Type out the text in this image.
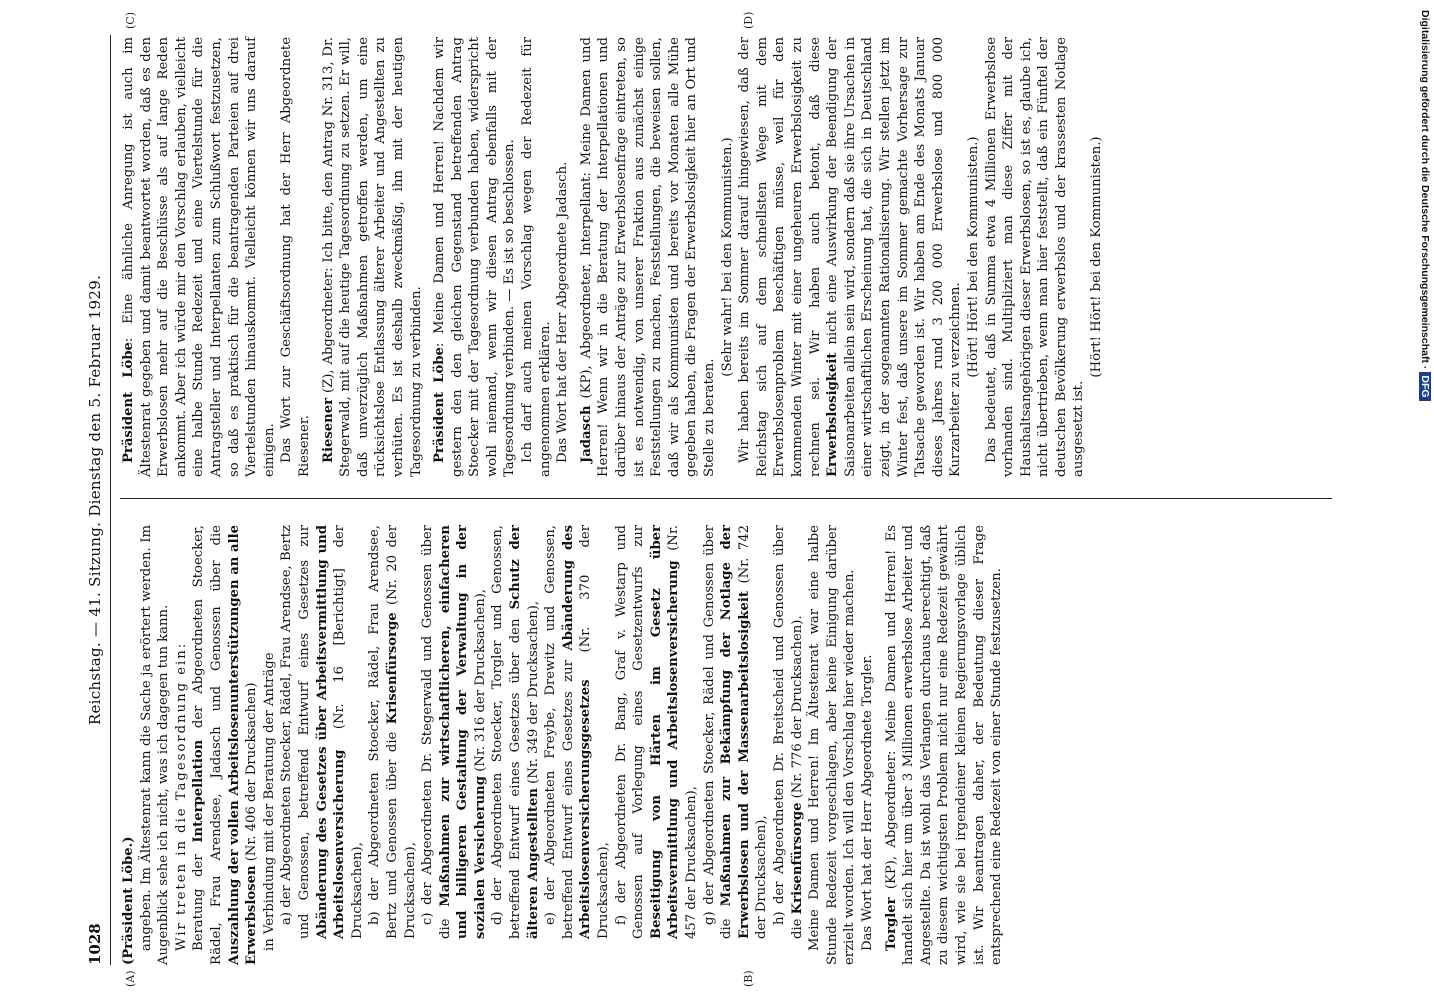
1028
Reichstag. — 41. Sitzung. Dienstag den 5. Februar 1929.
(A)	(B)

(Präsident Löbe.) angeben. Im Ältestenrat kann die Sache ja erörtert werden. Im Augenblick sehe ich nicht, was ich dagegen tun kann. Wir treten in die Tagesordnung ein: Beratung der Interpellation der Abgeordneten Stoecker, Rädel, Frau Arendsee, Jadasch und Genossen über die Auszahlung der vollen Arbeitslosenunterstützungen an alle Erwerbslosen (Nr. 406 der Drucksachen) in Verbindung mit der Beratung der Anträge a) der Abgeordneten Stoecker, Rädel, Frau Arendsee, Bertz und Genossen, betreffend Entwurf eines Gesetzes zur Abänderung des Gesetzes über Arbeitsvermittlung und Arbeitslosenversicherung (Nr. 16 [Berichtigt] der Drucksachen), b) der Abgeordneten Stoecker, Rädel, Frau Arendsee, Bertz und Genossen über die Krisenfürsorge (Nr. 20 der Drucksachen), c) der Abgeordneten Dr. Stegerwald und Genossen über die Maßnahmen zur wirtschaftlicheren, einfacheren und billigeren Gestaltung der Verwaltung in der sozialen Versicherung (Nr. 316 der Drucksachen),

d) der Abgeordneten Stoecker, Torgler und Genossen, betreffend Entwurf eines Gesetzes über den Schutz der älteren Angestellten (Nr. 349 der Drucksachen),

e) der Abgeordneten Freybe, Drewitz und Genossen, betreffend Entwurf eines Gesetzes zur Abänderung des Arbeitslosenversicherungsgesetzes (Nr. 370 der Drucksachen), f) der Abgeordneten Dr. Bang, Graf v. Westarp und Genossen auf Vorlegung eines Gesetzentwurfs zur Beseitigung von Härten im Gesetz über Arbeitsvermittlung und Arbeitslosenversicherung (Nr. 457 der Drucksachen), g) der Abgeordneten Stoecker, Rädel und Genossen über die Maßnahmen zur Bekämpfung der Notlage der Erwerbslosen und der Massenarbeitslosigkeit (Nr. 742 der Drucksachen), h) der Abgeordneten Dr. Breitscheid und Genossen über die Krisenfürsorge (Nr. 776 der Drucksachen). Meine Damen und Herren! Im Ältestenrat war eine halbe Stunde Redezeit vorgeschlagen, aber keine Einigung darüber erzielt worden. Ich will den Vorschlag hier wieder machen. Das Wort hat der Herr Abgeordnete Torgler. Torgler (KP), Abgeordneter: Meine Damen und Herren! Es handelt sich hier um über 3 Millionen erwerbslose Arbeiter und Angestellte. Da ist wohl das Verlangen durchaus berechtigt, daß zu diesem wichtigsten Problem nicht nur eine Redezeit gewährt wird, wie sie bei irgendeiner kleinen Regierungsvorlage üblich ist. Wir beantragen daher, der Bedeutung dieser Frage entsprechend eine Redezeit von einer Stunde festzusetzen.

(C)	(D)

Präsident Löbe: Eine ähnliche Anregung ist auch im Ältestenrat gegeben und damit beantwortet worden, daß es den Erwerbslosen mehr auf die Beschlüsse als auf lange Reden ankommt. Aber ich würde mir den Vorschlag erlauben, vielleicht eine halbe Stunde Redezeit und eine Viertelstunde für die Antragsteller und Interpellanten zum Schlußwort festzusetzen, so daß es praktisch für die beantragenden Parteien auf drei Viertelstunden hinauskommt. Vielleicht können wir uns darauf einigen. Das Wort zur Geschäftsordnung hat der Herr Abgeordnete Riesener. Riesener (Z), Abgeordneter: Ich bitte, den Antrag Nr. 313, Dr. Stegerwald, mit auf die heutige Tagesordnung zu setzen. Er will, daß unverzüglich Maßnahmen getroffen werden, um eine rücksichtslose Entlassung älterer Arbeiter und Angestellten zu verhüten. Es ist deshalb zweckmäßig, ihn mit der heutigen Tagesordnung zu verbinden. Präsident Löbe: Meine Damen und Herren! Nachdem wir gestern den den gleichen Gegenstand betreffenden Antrag Stoecker mit der Tagesordnung verbunden haben, widerspricht wohl niemand, wenn wir diesen Antrag ebenfalls mit der Tagesordnung verbinden. — Es ist so beschlossen. Ich darf auch meinen Vorschlag wegen der Redezeit für angenommen erklären. Das Wort hat der Herr Abgeordnete Jadasch. Jadasch (KP), Abgeordneter, Interpellant: Meine Damen und Herren! Wenn wir in die Beratung der Interpellationen und darüber hinaus der Anträge zur Erwerbslosenfrage eintreten, so ist es notwendig, von unserer Fraktion aus zunächst einige Feststellungen zu machen, Feststellungen, die beweisen sollen, daß wir als Kommunisten und bereits vor Monaten alle Mühe gegeben haben, die Fragen der Erwerbslosigkeit hier an Ort und Stelle zu beraten.

(Sehr wahr! bei den Kommunisten.) Wir haben bereits im Sommer darauf hingewiesen, daß der Reichstag sich auf dem schnellsten Wege mit dem Erwerbslosenproblem beschäftigen müsse, weil für den kommenden Winter mit einer ungeheuren Erwerbslosigkeit zu rechnen sei. Wir haben auch betont, daß diese Erwerbslosigkeit nicht eine Auswirkung der Beendigung der Saisonarbeiten allein sein wird, sondern daß sie ihre Ursachen in einer wirtschaftlichen Erscheinung hat, die sich in Deutschland zeigt, in der sogenannten Rationalisierung. Wir stellen jetzt im Winter fest, daß unsere im Sommer gemachte Vorhersage zur Tatsache geworden ist. Wir haben am Ende des Monats Januar dieses Jahres rund 3 200 000 Erwerbslose und 800 000 Kurzarbeiter zu verzeichnen.

(Hört! Hört! bei den Kommunisten.) Das bedeutet, daß in Summa etwa 4 Millionen Erwerbslose vorhanden sind. Multipliziert man diese Ziffer mit der Haushaltsangehörigen dieser Erwerbslosen, so ist es, glaube ich, nicht übertrieben, wenn man hier feststellt, daß ein Fünftel der deutschen Bevölkerung erwerbslos und der krassesten Notlage ausgesetzt ist.

(Hört! Hört! bei den Kommunisten.)	Digitalisierung gefördert durch die Deutsche Forschungsgemeinschaft ·DFG
